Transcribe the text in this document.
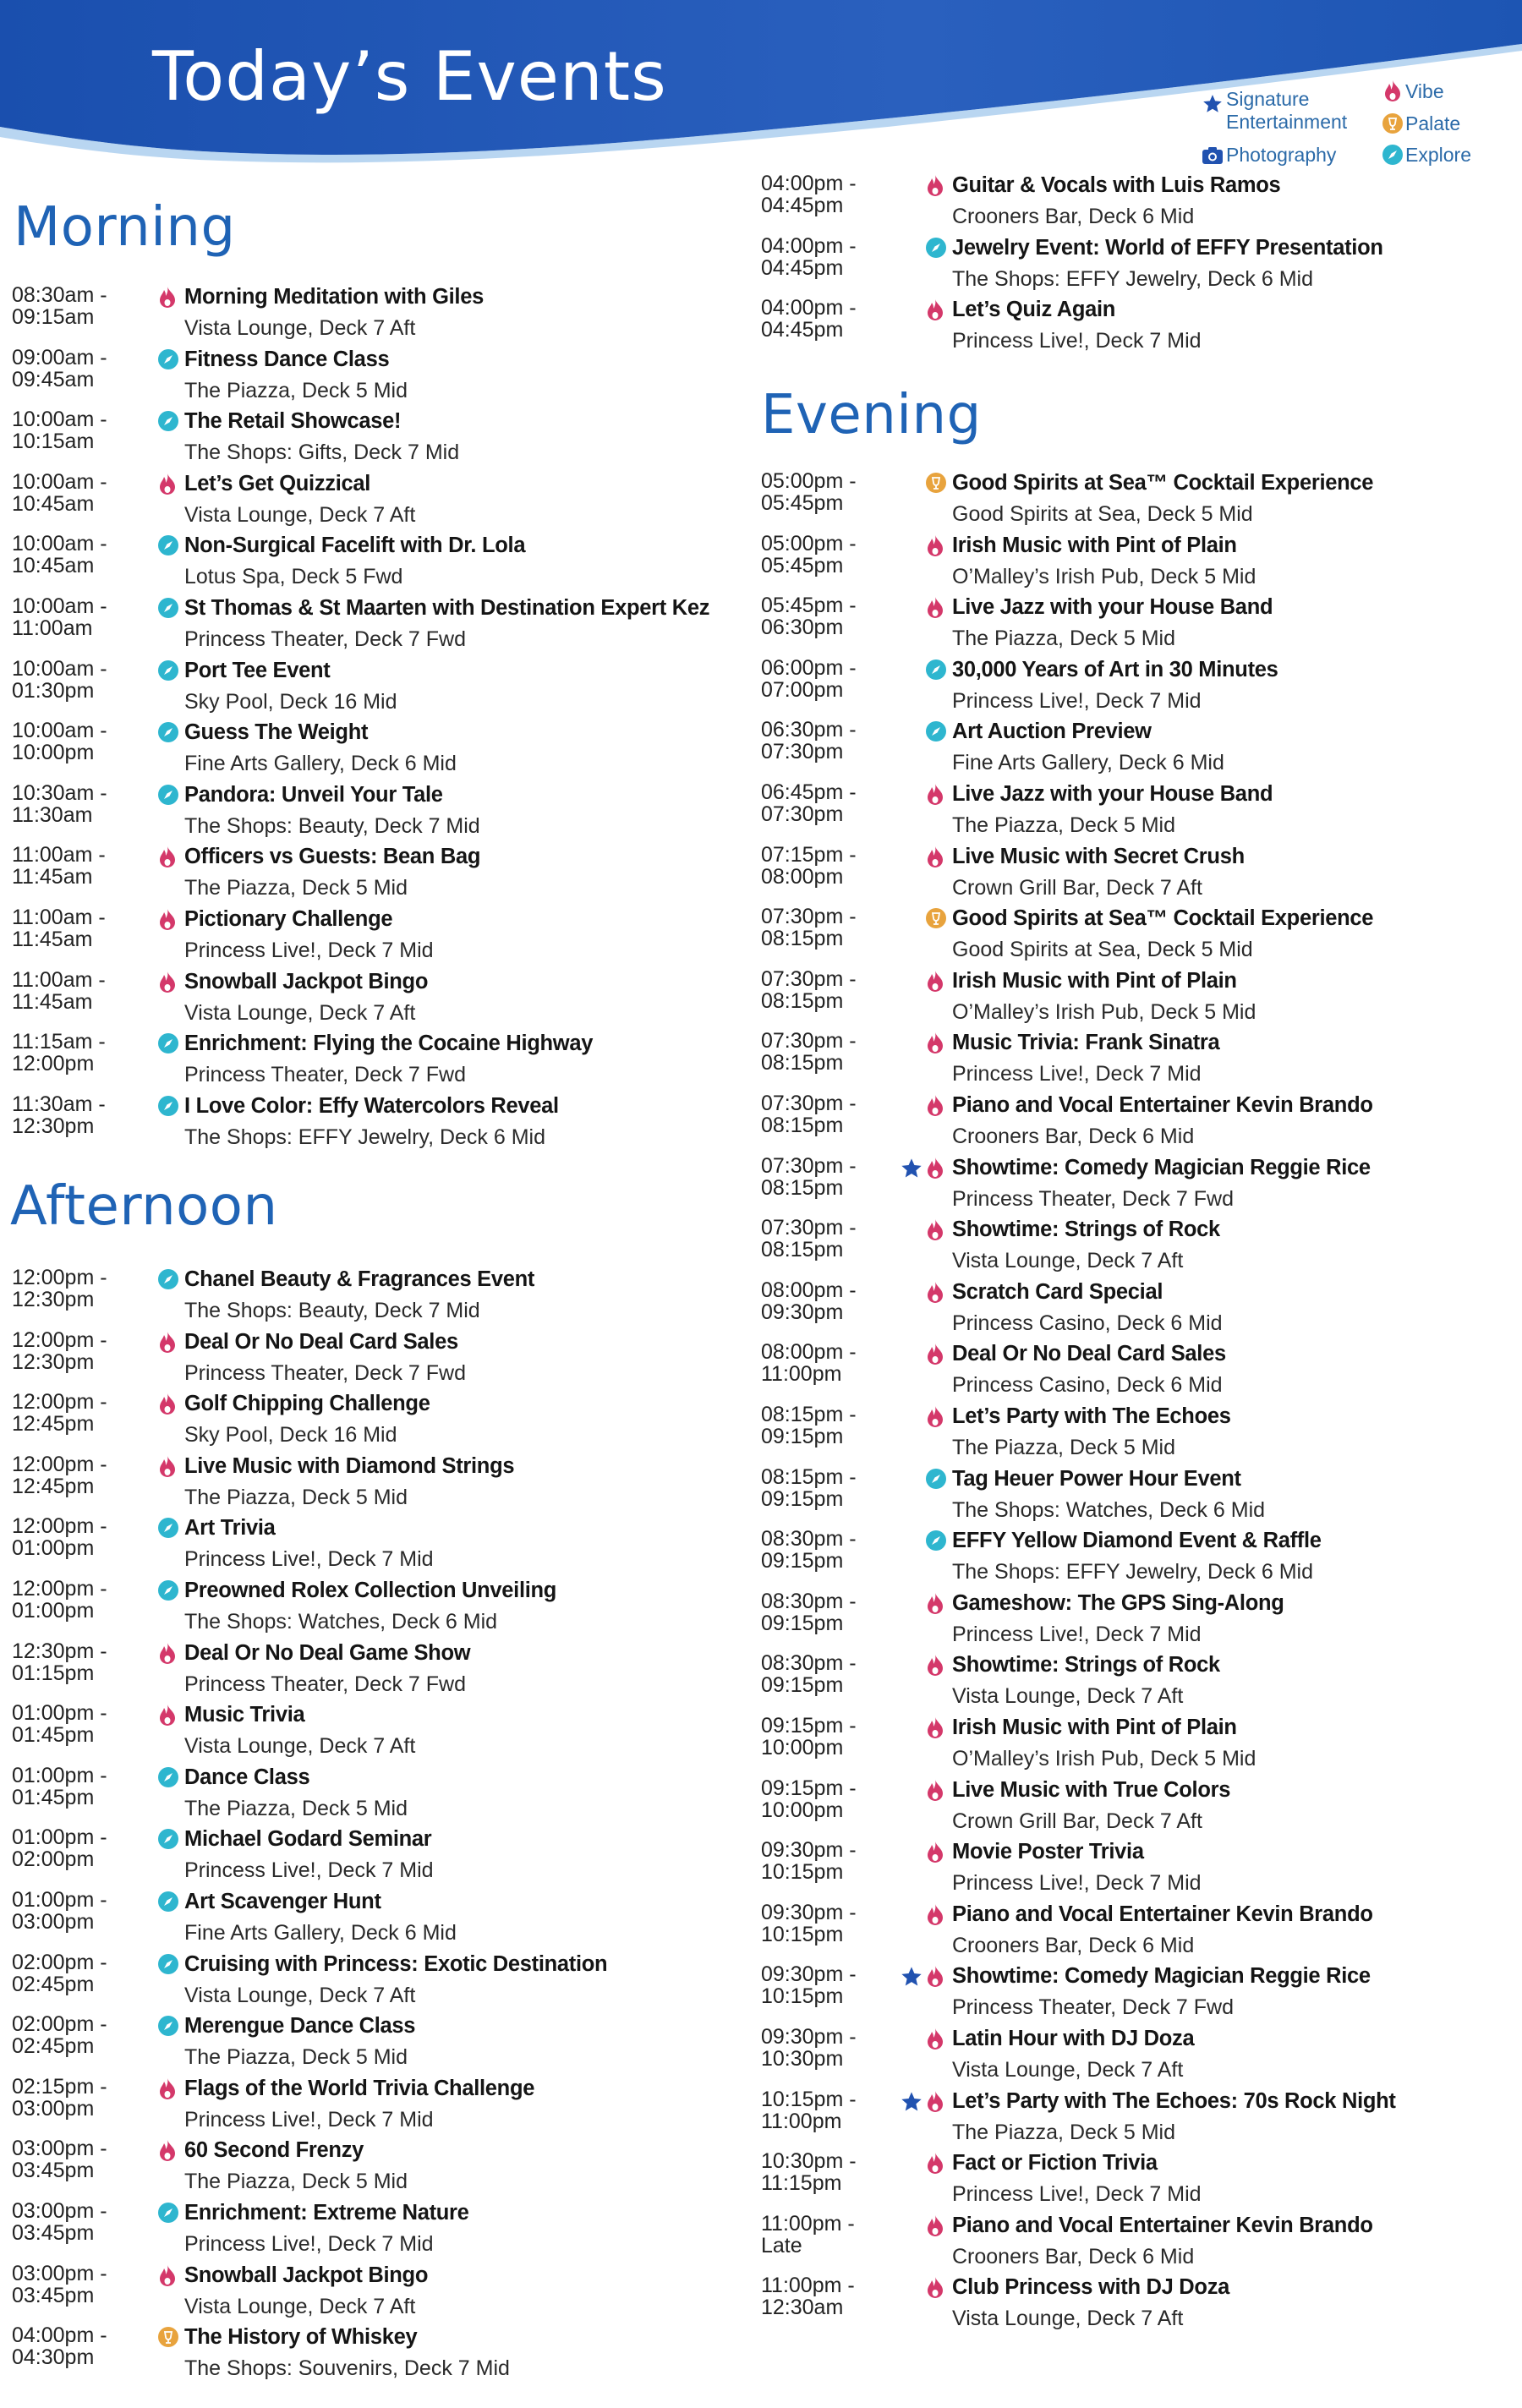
Today’s Events	Signature
Entertainment
Photography
Vibe
Palate
Explore
Morning
Afternoon
Evening
08:30am -
09:15am
Morning Meditation with Giles
Vista Lounge, Deck 7 Aft
09:00am -
09:45am
Fitness Dance Class
The Piazza, Deck 5 Mid
10:00am -
10:15am
The Retail Showcase!
The Shops: Gifts, Deck 7 Mid
10:00am -
10:45am
Let’s Get Quizzical
Vista Lounge, Deck 7 Aft
10:00am -
10:45am
Non-Surgical Facelift with Dr. Lola
Lotus Spa, Deck 5 Fwd
10:00am -
11:00am
St Thomas & St Maarten with Destination Expert Kez
Princess Theater, Deck 7 Fwd
10:00am -
01:30pm
Port Tee Event
Sky Pool, Deck 16 Mid
10:00am -
10:00pm
Guess The Weight
Fine Arts Gallery, Deck 6 Mid
10:30am -
11:30am
Pandora: Unveil Your Tale
The Shops: Beauty, Deck 7 Mid
11:00am -
11:45am
Officers vs Guests: Bean Bag
The Piazza, Deck 5 Mid
11:00am -
11:45am
Pictionary Challenge
Princess Live!, Deck 7 Mid
11:00am -
11:45am
Snowball Jackpot Bingo
Vista Lounge, Deck 7 Aft
11:15am -
12:00pm
Enrichment: Flying the Cocaine Highway
Princess Theater, Deck 7 Fwd
11:30am -
12:30pm
I Love Color: Effy Watercolors Reveal
The Shops: EFFY Jewelry, Deck 6 Mid
12:00pm -
12:30pm
Chanel Beauty & Fragrances Event
The Shops: Beauty, Deck 7 Mid
12:00pm -
12:30pm
Deal Or No Deal Card Sales
Princess Theater, Deck 7 Fwd
12:00pm -
12:45pm
Golf Chipping Challenge
Sky Pool, Deck 16 Mid
12:00pm -
12:45pm
Live Music with Diamond Strings
The Piazza, Deck 5 Mid
12:00pm -
01:00pm
Art Trivia
Princess Live!, Deck 7 Mid
12:00pm -
01:00pm
Preowned Rolex Collection Unveiling
The Shops: Watches, Deck 6 Mid
12:30pm -
01:15pm
Deal Or No Deal Game Show
Princess Theater, Deck 7 Fwd
01:00pm -
01:45pm
Music Trivia
Vista Lounge, Deck 7 Aft
01:00pm -
01:45pm
Dance Class
The Piazza, Deck 5 Mid
01:00pm -
02:00pm
Michael Godard Seminar
Princess Live!, Deck 7 Mid
01:00pm -
03:00pm
Art Scavenger Hunt
Fine Arts Gallery, Deck 6 Mid
02:00pm -
02:45pm
Cruising with Princess: Exotic Destination
Vista Lounge, Deck 7 Aft
02:00pm -
02:45pm
Merengue Dance Class
The Piazza, Deck 5 Mid
02:15pm -
03:00pm
Flags of the World Trivia Challenge
Princess Live!, Deck 7 Mid
03:00pm -
03:45pm
60 Second Frenzy
The Piazza, Deck 5 Mid
03:00pm -
03:45pm
Enrichment: Extreme Nature
Princess Live!, Deck 7 Mid
03:00pm -
03:45pm
Snowball Jackpot Bingo
Vista Lounge, Deck 7 Aft
04:00pm -
04:30pm
The History of Whiskey
The Shops: Souvenirs, Deck 7 Mid
04:00pm -
04:45pm
Guitar & Vocals with Luis Ramos
Crooners Bar, Deck 6 Mid
04:00pm -
04:45pm
Jewelry Event: World of EFFY Presentation
The Shops: EFFY Jewelry, Deck 6 Mid
04:00pm -
04:45pm
Let’s Quiz Again
Princess Live!, Deck 7 Mid
05:00pm -
05:45pm
Good Spirits at Sea™ Cocktail Experience
Good Spirits at Sea, Deck 5 Mid
05:00pm -
05:45pm
Irish Music with Pint of Plain
O’Malley’s Irish Pub, Deck 5 Mid
05:45pm -
06:30pm
Live Jazz with your House Band
The Piazza, Deck 5 Mid
06:00pm -
07:00pm
30,000 Years of Art in 30 Minutes
Princess Live!, Deck 7 Mid
06:30pm -
07:30pm
Art Auction Preview
Fine Arts Gallery, Deck 6 Mid
06:45pm -
07:30pm
Live Jazz with your House Band
The Piazza, Deck 5 Mid
07:15pm -
08:00pm
Live Music with Secret Crush
Crown Grill Bar, Deck 7 Aft
07:30pm -
08:15pm
Good Spirits at Sea™ Cocktail Experience
Good Spirits at Sea, Deck 5 Mid
07:30pm -
08:15pm
Irish Music with Pint of Plain
O’Malley’s Irish Pub, Deck 5 Mid
07:30pm -
08:15pm
Music Trivia: Frank Sinatra
Princess Live!, Deck 7 Mid
07:30pm -
08:15pm
Piano and Vocal Entertainer Kevin Brando
Crooners Bar, Deck 6 Mid
07:30pm -
08:15pm
Showtime: Comedy Magician Reggie Rice
Princess Theater, Deck 7 Fwd
07:30pm -
08:15pm
Showtime: Strings of Rock
Vista Lounge, Deck 7 Aft
08:00pm -
09:30pm
Scratch Card Special
Princess Casino, Deck 6 Mid
08:00pm -
11:00pm
Deal Or No Deal Card Sales
Princess Casino, Deck 6 Mid
08:15pm -
09:15pm
Let’s Party with The Echoes
The Piazza, Deck 5 Mid
08:15pm -
09:15pm
Tag Heuer Power Hour Event
The Shops: Watches, Deck 6 Mid
08:30pm -
09:15pm
EFFY Yellow Diamond Event & Raffle
The Shops: EFFY Jewelry, Deck 6 Mid
08:30pm -
09:15pm
Gameshow: The GPS Sing-Along
Princess Live!, Deck 7 Mid
08:30pm -
09:15pm
Showtime: Strings of Rock
Vista Lounge, Deck 7 Aft
09:15pm -
10:00pm
Irish Music with Pint of Plain
O’Malley’s Irish Pub, Deck 5 Mid
09:15pm -
10:00pm
Live Music with True Colors
Crown Grill Bar, Deck 7 Aft
09:30pm -
10:15pm
Movie Poster Trivia
Princess Live!, Deck 7 Mid
09:30pm -
10:15pm
Piano and Vocal Entertainer Kevin Brando
Crooners Bar, Deck 6 Mid
09:30pm -
10:15pm
Showtime: Comedy Magician Reggie Rice
Princess Theater, Deck 7 Fwd
09:30pm -
10:30pm
Latin Hour with DJ Doza
Vista Lounge, Deck 7 Aft
10:15pm -
11:00pm
Let’s Party with The Echoes: 70s Rock Night
The Piazza, Deck 5 Mid
10:30pm -
11:15pm
Fact or Fiction Trivia
Princess Live!, Deck 7 Mid
11:00pm -
Late
Piano and Vocal Entertainer Kevin Brando
Crooners Bar, Deck 6 Mid
11:00pm -
12:30am
Club Princess with DJ Doza
Vista Lounge, Deck 7 Aft
